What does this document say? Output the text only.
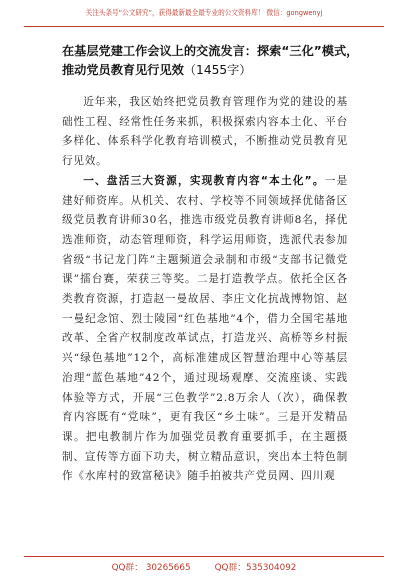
关注头条号“公文研究”，获得最新最全最专业的公文资料库！ 微信：gongwenyj
在基层党建工作会议上的交流发言：探索“三化”模式，推动党员教育见行见效（1455字）

近年来，我区始终把党员教育管理作为党的建设的基础性工程、经常性任务来抓，积极探索内容本土化、平台多样化、体系科学化教育培训模式，不断推动党员教育见行见效。

一、盘活三大资源，实现教育内容“本土化”。一是建好师资库。从机关、农村、学校等不同领域择优储备区级党员教育讲师30名，推选市级党员教育讲师8名，择优选准师资，动态管理师资，科学运用师资，选派代表参加省级“书记龙门阵”主题频道会录制和市级“支部书记微党课”擂台赛，荣获三等奖。二是打造教学点。依托全区各类教育资源，打造赵一曼故居、李庄文化抗战博物馆、赵一曼纪念馆、烈士陵园“红色基地”4个，借力全国宅基地改革、全省产权制度改革试点，打造龙兴、高桥等乡村振兴“绿色基地”12个，高标准建成区智慧治理中心等基层治理“蓝色基地”42个，通过现场观摩、交流座谈、实践体验等方式，开展“三色教学”2.8万余人（次），确保教育内容既有“党味”，更有我区“乡土味”。三是开发精品课。把电教制片作为加强党员教育重要抓手，在主题摄制、宣传等方面下功夫，树立精品意识，突出本土特色制作《水库村的致富秘诀》随手拍被共产党员网、四川观

QQ群： 30265665	QQ群：535304092
